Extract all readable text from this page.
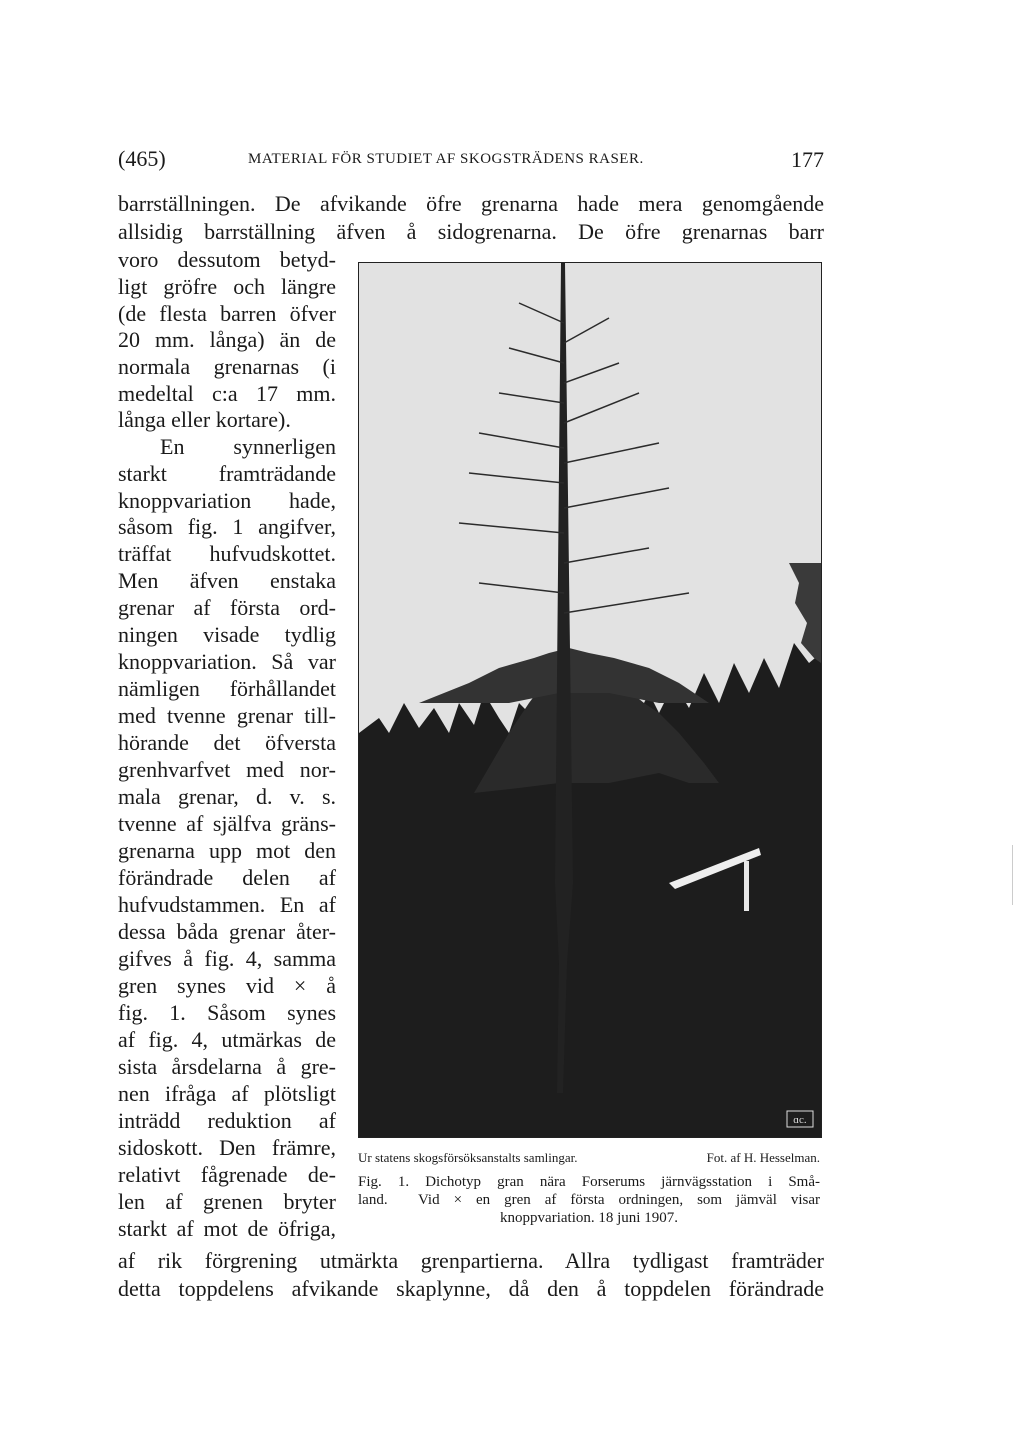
(465)	MATERIAL FÖR STUDIET AF SKOGSTRÄDENS RASER.	177
barrställningen. De afvikande öfre grenarna hade mera genomgående
allsidig barrställning äfven å sidogrenarna. De öfre grenarnas barr
voro dessutom betyd-
ligt gröfre och längre
(de flesta barren öfver
20 mm. långa) än de
normala grenarnas (i
medeltal c:a 17 mm.
långa eller kortare).
En synnerligen
starkt framträdande
knoppvariation hade,
såsom fig. 1 angifver,
träffat hufvudskottet.
Men äfven enstaka
grenar af första ord-
ningen visade tydlig
knoppvariation. Så var
nämligen förhållandet
med tvenne grenar till-
hörande det öfversta
grenhvarfvet med nor-
mala grenar, d. v. s.
tvenne af själfva gräns-
grenarna upp mot den
förändrade delen af
hufvudstammen. En af
dessa båda grenar åter-
gifves å fig. 4, samma
gren synes vid × å
fig. 1. Såsom synes
af fig. 4, utmärkas de
sista årsdelarna å gre-
nen ifråga af plötsligt
inträdd reduktion af
sidoskott. Den främre,
relativt fågrenade de-
len af grenen bryter
starkt af mot de öfriga,
af rik förgrening utmärkta grenpartierna. Allra tydligast framträder
detta toppdelens afvikande skaplynne, då den å toppdelen förändrade
ɑc.
Ur statens skogsförsöksanstalts samlingar.	Fot. af H. Hesselman.
Fig. 1. Dichotyp gran nära Forserums järnvägsstation i Små-
land. Vid × en gren af första ordningen, som jämväl visar
knoppvariation. 18 juni 1907.
